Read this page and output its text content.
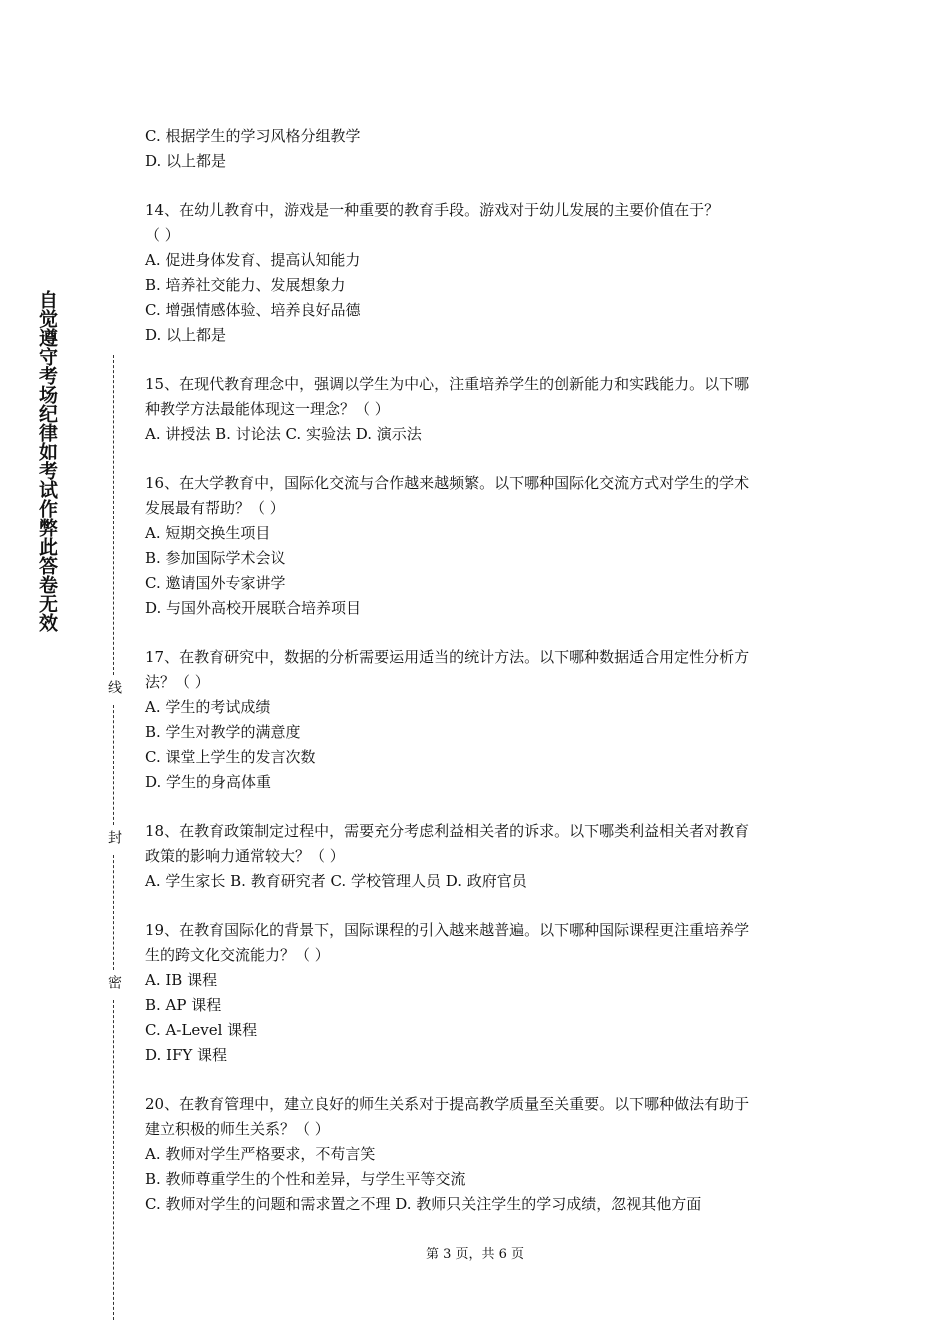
自觉遵守考场纪律如考试作弊此答卷无效
线
封
密
C. 根据学生的学习风格分组教学
D. 以上都是
14、在幼儿教育中，游戏是一种重要的教育手段。游戏对于幼儿发展的主要价值在于？
（ ）
A. 促进身体发育、提高认知能力
B. 培养社交能力、发展想象力
C. 增强情感体验、培养良好品德
D. 以上都是
15、在现代教育理念中，强调以学生为中心，注重培养学生的创新能力和实践能力。以下哪
种教学方法最能体现这一理念？（ ）
A. 讲授法 B. 讨论法 C. 实验法 D. 演示法
16、在大学教育中，国际化交流与合作越来越频繁。以下哪种国际化交流方式对学生的学术
发展最有帮助？（ ）
A. 短期交换生项目
B. 参加国际学术会议
C. 邀请国外专家讲学
D. 与国外高校开展联合培养项目
17、在教育研究中，数据的分析需要运用适当的统计方法。以下哪种数据适合用定性分析方
法？（ ）
A. 学生的考试成绩
B. 学生对教学的满意度
C. 课堂上学生的发言次数
D. 学生的身高体重
18、在教育政策制定过程中，需要充分考虑利益相关者的诉求。以下哪类利益相关者对教育
政策的影响力通常较大？（ ）
A. 学生家长 B. 教育研究者 C. 学校管理人员 D. 政府官员
19、在教育国际化的背景下，国际课程的引入越来越普遍。以下哪种国际课程更注重培养学
生的跨文化交流能力？（ ）
A. IB 课程
B. AP 课程
C. A-Level 课程
D. IFY 课程
20、在教育管理中，建立良好的师生关系对于提高教学质量至关重要。以下哪种做法有助于
建立积极的师生关系？（ ）
A. 教师对学生严格要求，不苟言笑
B. 教师尊重学生的个性和差异，与学生平等交流
C. 教师对学生的问题和需求置之不理 D. 教师只关注学生的学习成绩，忽视其他方面
第 3 页，共 6 页
